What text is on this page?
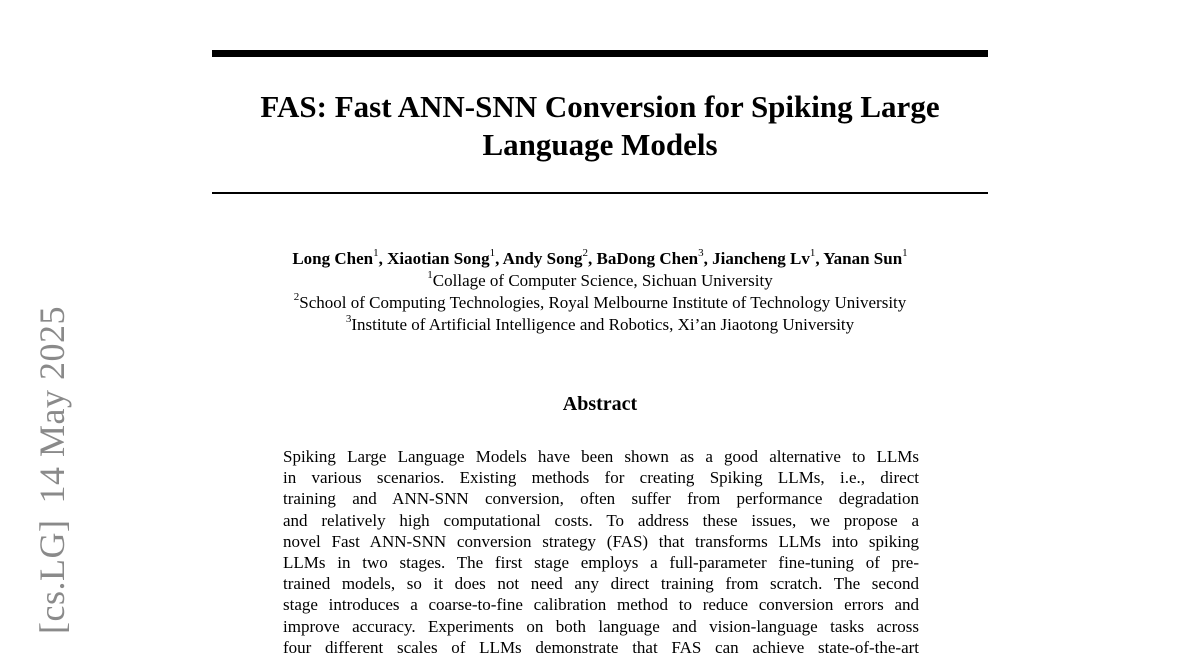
[cs.LG]14 May 2025
FAS: Fast ANN-SNN Conversion for Spiking Large
Language Models
Long Chen$^1$, Xiaotian Song$^1$, Andy Song$^2$, BaDong Chen$^3$, Jiancheng Lv$^1$, Yanan Sun$^1$
$^1$Collage of Computer Science, Sichuan University
$^2$School of Computing Technologies, Royal Melbourne Institute of Technology University
$^3$Institute of Artificial Intelligence and Robotics, Xi’an Jiaotong University
Abstract
Spiking Large Language Models have been shown as a good alternative to LLMs
in various scenarios. Existing methods for creating Spiking LLMs, i.e., direct
training and ANN-SNN conversion, often suffer from performance degradation
and relatively high computational costs. To address these issues, we propose a
novel Fast ANN-SNN conversion strategy (FAS) that transforms LLMs into spiking
LLMs in two stages. The first stage employs a full-parameter fine-tuning of pre-
trained models, so it does not need any direct training from scratch. The second
stage introduces a coarse-to-fine calibration method to reduce conversion errors and
improve accuracy. Experiments on both language and vision-language tasks across
four different scales of LLMs demonstrate that FAS can achieve state-of-the-art
